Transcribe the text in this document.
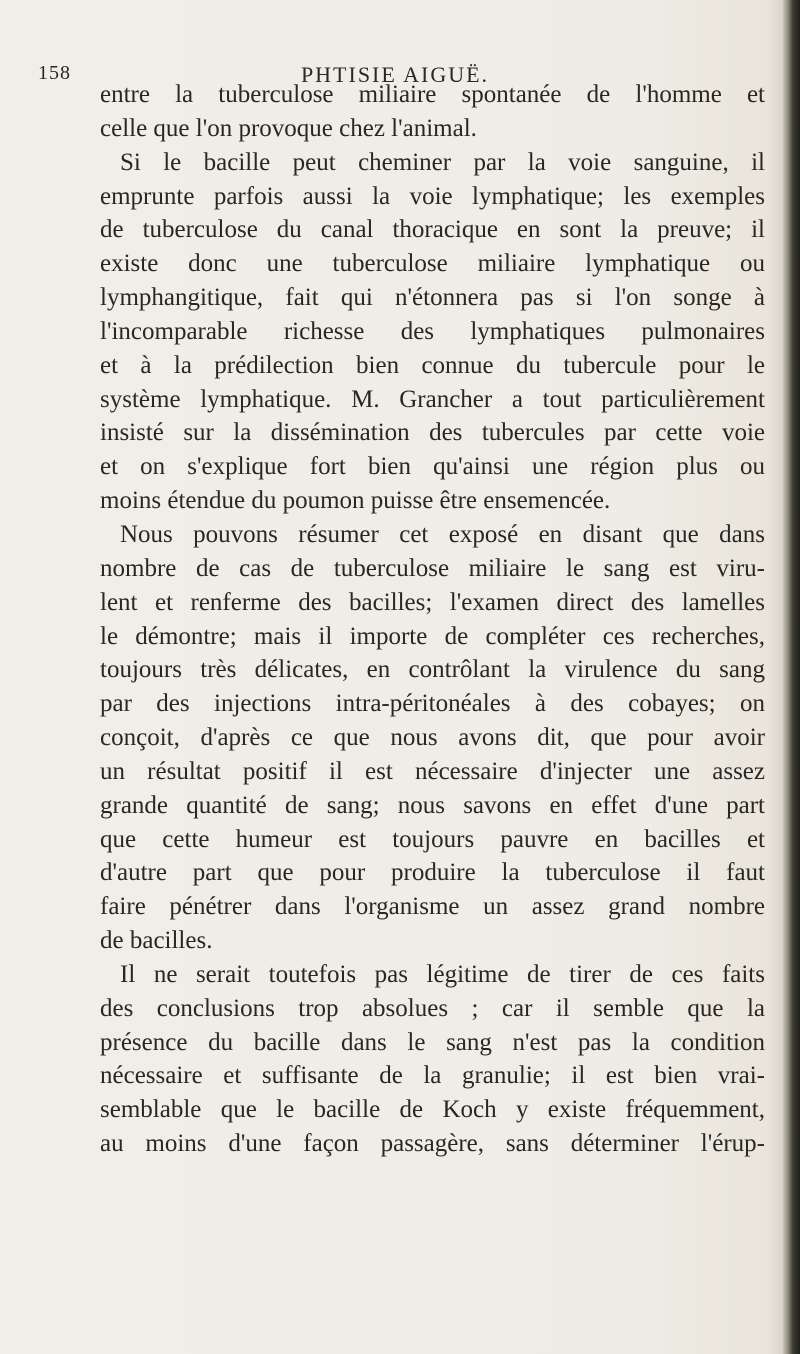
158	PHTISIE AIGUË.
entre la tuberculose miliaire spontanée de l'homme et
celle que l'on provoque chez l'animal.
Si le bacille peut cheminer par la voie sanguine, il
emprunte parfois aussi la voie lymphatique; les exemples
de tuberculose du canal thoracique en sont la preuve; il
existe donc une tuberculose miliaire lymphatique ou
lymphangitique, fait qui n'étonnera pas si l'on songe à
l'incomparable richesse des lymphatiques pulmonaires
et à la prédilection bien connue du tubercule pour le
système lymphatique. M. Grancher a tout particulièrement
insisté sur la dissémination des tubercules par cette voie
et on s'explique fort bien qu'ainsi une région plus ou
moins étendue du poumon puisse être ensemencée.
Nous pouvons résumer cet exposé en disant que dans
nombre de cas de tuberculose miliaire le sang est viru-
lent et renferme des bacilles; l'examen direct des lamelles
le démontre; mais il importe de compléter ces recherches,
toujours très délicates, en contrôlant la virulence du sang
par des injections intra-péritonéales à des cobayes; on
conçoit, d'après ce que nous avons dit, que pour avoir
un résultat positif il est nécessaire d'injecter une assez
grande quantité de sang; nous savons en effet d'une part
que cette humeur est toujours pauvre en bacilles et
d'autre part que pour produire la tuberculose il faut
faire pénétrer dans l'organisme un assez grand nombre
de bacilles.
Il ne serait toutefois pas légitime de tirer de ces faits
des conclusions trop absolues ; car il semble que la
présence du bacille dans le sang n'est pas la condition
nécessaire et suffisante de la granulie; il est bien vrai-
semblable que le bacille de Koch y existe fréquemment,
au moins d'une façon passagère, sans déterminer l'érup-
